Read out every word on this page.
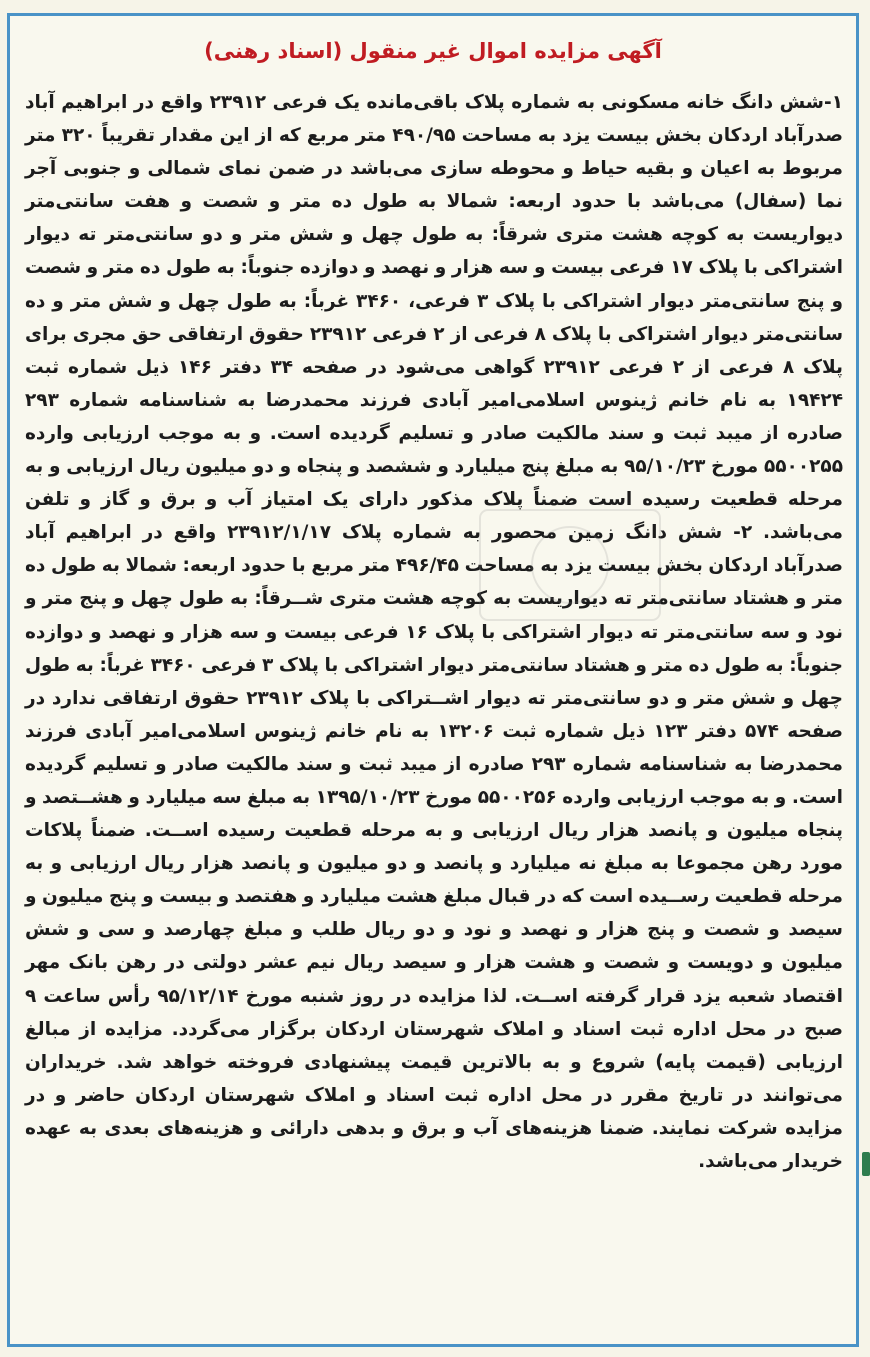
آگهی مزایده اموال غیر منقول (اسناد رهنی)
۱-شش دانگ خانه مسکونی به شماره پلاک باقی‌مانده یک فرعی ۲۳۹۱۲ واقع در ابراهیم آباد صدرآباد اردکان بخش بیست یزد به مساحت ۴۹۰/۹۵ متر مربع که از این مقدار تقریباً ۳۲۰ متر مربوط به اعیان و بقیه حیاط و محوطه سازی می‌باشد در ضمن نمای شمالی و جنوبی آجر نما (سفال) می‌باشد با حدود اربعه: شمالا به طول ده متر و شصت و هفت سانتی‌متر دیواریست به کوچه هشت متری شرقاً: به طول چهل و شش متر و دو سانتی‌متر ته دیوار اشتراکی با پلاک ۱۷ فرعی بیست و سه هزار و نهصد و دوازده جنوباً: به طول ده متر و شصت و پنج سانتی‌متر دیوار اشتراکی با پلاک ۳ فرعی، ۳۴۶۰ غرباً: به طول چهل و شش متر و ده سانتی‌متر دیوار اشتراکی با پلاک ۸ فرعی از ۲ فرعی ۲۳۹۱۲ حقوق ارتفاقی حق مجری برای پلاک ۸ فرعی از ۲ فرعی ۲۳۹۱۲ گواهی می‌شود در صفحه ۳۴ دفتر ۱۴۶ ذیل شماره ثبت ۱۹۴۲۴ به نام خانم ژینوس اسلامی‌امیر آبادی فرزند محمدرضا به شناسنامه شماره ۲۹۳ صادره از میبد ثبت و سند مالکیت صادر و تسلیم گردیده است. و به موجب ارزیابی وارده ۵۵۰۰۲۵۵ مورخ ۹۵/۱۰/۲۳ به مبلغ پنج میلیارد و ششصد و پنجاه و دو میلیون ریال ارزیابی و به مرحله قطعیت رسیده است ضمناً پلاک مذکور دارای یک امتیاز آب و برق و گاز و تلفن می‌باشد. ۲- شش دانگ زمین محصور به شماره پلاک ۲۳۹۱۲/۱/۱۷ واقع در ابراهیم آباد صدرآباد اردکان بخش بیست یزد به مساحت ۴۹۶/۴۵ متر مربع با حدود اربعه: شمالا به طول ده متر و هشتاد سانتی‌متر ته دیواریست به کوچه هشت متری شــرقاً: به طول چهل و پنج متر و نود و سه سانتی‌متر ته دیوار اشتراکی با پلاک ۱۶ فرعی بیست و سه هزار و نهصد و دوازده جنوباً: به طول ده متر و هشتاد سانتی‌متر دیوار اشتراکی با پلاک ۳ فرعی ۳۴۶۰ غرباً: به طول چهل و شش متر و دو سانتی‌متر ته دیوار اشــتراکی با پلاک ۲۳۹۱۲ حقوق ارتفاقی ندارد در صفحه ۵۷۴ دفتر ۱۲۳ ذیل شماره ثبت ۱۳۲۰۶ به نام خانم ژینوس اسلامی‌امیر آبادی فرزند محمدرضا به شناسنامه شماره ۲۹۳ صادره از میبد ثبت و سند مالکیت صادر و تسلیم گردیده است. و به موجب ارزیابی وارده ۵۵۰۰۲۵۶ مورخ ۱۳۹۵/۱۰/۲۳ به مبلغ سه میلیارد و هشــتصد و پنجاه میلیون و پانصد هزار ریال ارزیابی و به مرحله قطعیت رسیده اســت. ضمناً پلاکات مورد رهن مجموعا به مبلغ نه میلیارد و پانصد و دو میلیون و پانصد هزار ریال ارزیابی و به مرحله قطعیت رســیده است که در قبال مبلغ هشت میلیارد و هفتصد و بیست و پنج میلیون و سیصد و شصت و پنج هزار و نهصد و نود و دو ریال طلب و مبلغ چهارصد و سی و شش میلیون و دویست و شصت و هشت هزار و سیصد ریال نیم عشر دولتی در رهن بانک مهر اقتصاد شعبه یزد قرار گرفته اســت. لذا مزایده در روز شنبه مورخ ۹۵/۱۲/۱۴ رأس ساعت ۹ صبح در محل اداره ثبت اسناد و املاک شهرستان اردکان برگزار می‌گردد. مزایده از مبالغ ارزیابی (قیمت پایه) شروع و به بالاترین قیمت پیشنهادی فروخته خواهد شد. خریداران می‌توانند در تاریخ مقرر در محل اداره ثبت اسناد و املاک شهرستان اردکان حاضر و در مزایده شرکت نمایند. ضمنا هزینه‌های آب و برق و بدهی دارائی و هزینه‌های بعدی به عهده خریدار می‌باشد.
